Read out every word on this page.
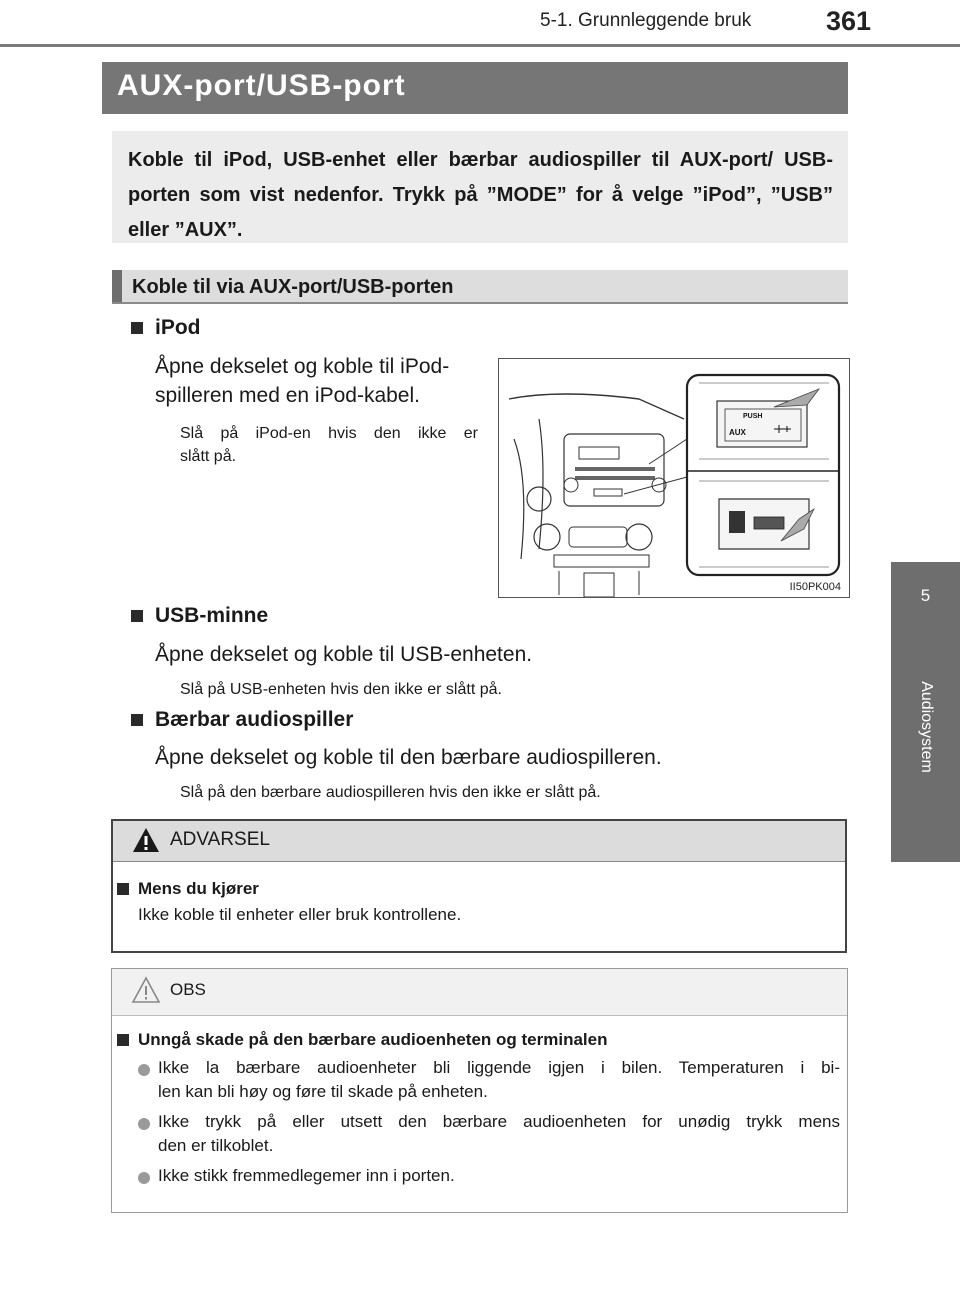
5-1. Grunnleggende bruk	361
5
Audiosystem
AUX-port/USB-port
Koble til iPod, USB-enhet eller bærbar audiospiller til AUX-port/ USB-porten som vist nedenfor. Trykk på ”MODE” for å velge ”iPod”, ”USB” eller ”AUX”.
Koble til via AUX-port/USB-porten
iPod
Åpne dekselet og koble til iPod-
spilleren med en iPod-kabel.
Slå på iPod-en hvis den ikke er
slått på.
PUSH
AUX
II50PK004
USB-minne
Åpne dekselet og koble til USB-enheten.
Slå på USB-enheten hvis den ikke er slått på.
Bærbar audiospiller
Åpne dekselet og koble til den bærbare audiospilleren.
Slå på den bærbare audiospilleren hvis den ikke er slått på.
ADVARSEL
Mens du kjører
Ikke koble til enheter eller bruk kontrollene.
OBS
Unngå skade på den bærbare audioenheten og terminalen
Ikke la bærbare audioenheter bli liggende igjen i bilen. Temperaturen i bi-
len kan bli høy og føre til skade på enheten.
Ikke trykk på eller utsett den bærbare audioenheten for unødig trykk mens
den er tilkoblet.
Ikke stikk fremmedlegemer inn i porten.
